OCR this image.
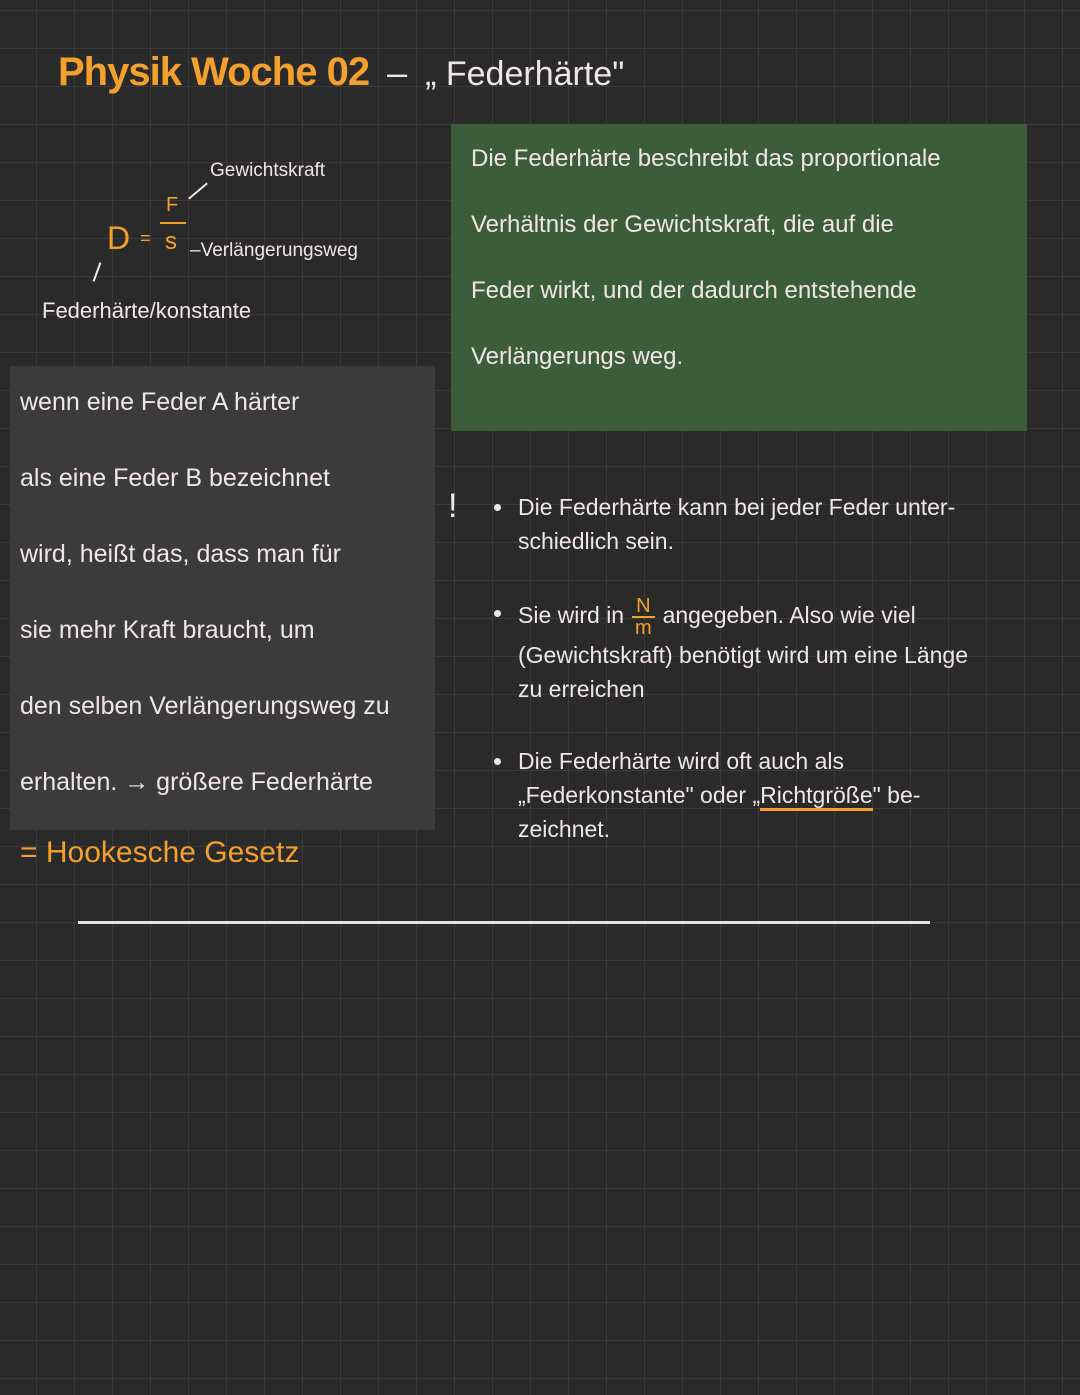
Physik Woche 02 – „ Federhärte"
D =
F
s
Gewichtskraft
–Verlängerungsweg
Federhärte/konstante
Die Federhärte beschreibt das proportionale
Verhältnis der Gewichtskraft, die auf die
Feder wirkt, und der dadurch entstehende
Verlängerungs weg.
wenn eine Feder A härter
als eine Feder B bezeichnet
wird, heißt das, dass man für
sie mehr Kraft braucht, um
den selben Verlängerungsweg zu
erhalten. → größere Federhärte
= Hookesche Gesetz
!	Die Federhärte kann bei jeder Feder unter-
schiedlich sein.
Sie wird in $\frac{N}{m}$ angegeben. Also wie viel
(Gewichtskraft) benötigt wird um eine Länge
zu erreichen
Die Federhärte wird oft auch als
„Federkonstante" oder „Richtgröße" be-
zeichnet.
